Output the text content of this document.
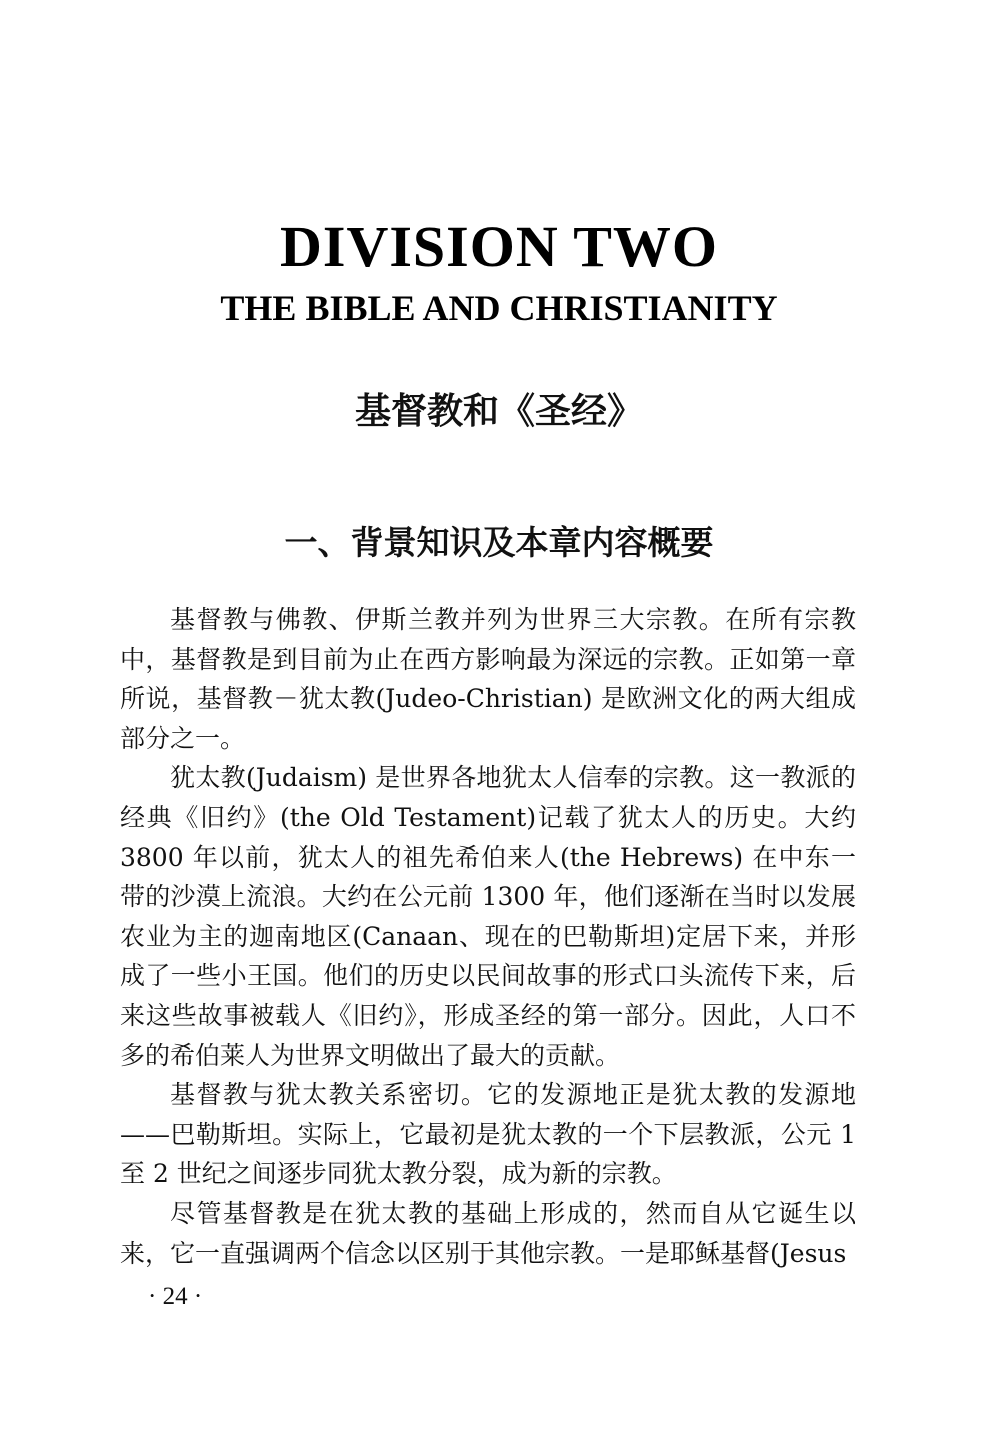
DIVISION TWO
THE BIBLE AND CHRISTIANITY
基督教和《圣经》
一、背景知识及本章内容概要

基督教与佛教、伊斯兰教并列为世界三大宗教。在所有宗教中，基督教是到目前为止在西方影响最为深远的宗教。正如第一章所说，基督教－犹太教(Judeo-Christian) 是欧洲文化的两大组成部分之一。

犹太教(Judaism) 是世界各地犹太人信奉的宗教。这一教派的经典《旧约》(the Old Testament)记载了犹太人的历史。大约3800 年以前，犹太人的祖先希伯来人(the Hebrews) 在中东一带的沙漠上流浪。大约在公元前 1300 年，他们逐渐在当时以发展农业为主的迦南地区(Canaan、现在的巴勒斯坦)定居下来，并形成了一些小王国。他们的历史以民间故事的形式口头流传下来，后来这些故事被载人《旧约》，形成圣经的第一部分。因此，人口不多的希伯莱人为世界文明做出了最大的贡献。

基督教与犹太教关系密切。它的发源地正是犹太教的发源地——巴勒斯坦。实际上，它最初是犹太教的一个下层教派，公元 1 至 2 世纪之间逐步同犹太教分裂，成为新的宗教。

尽管基督教是在犹太教的基础上形成的，然而自从它诞生以来，它一直强调两个信念以区别于其他宗教。一是耶稣基督(Jesus

· 24 ·
